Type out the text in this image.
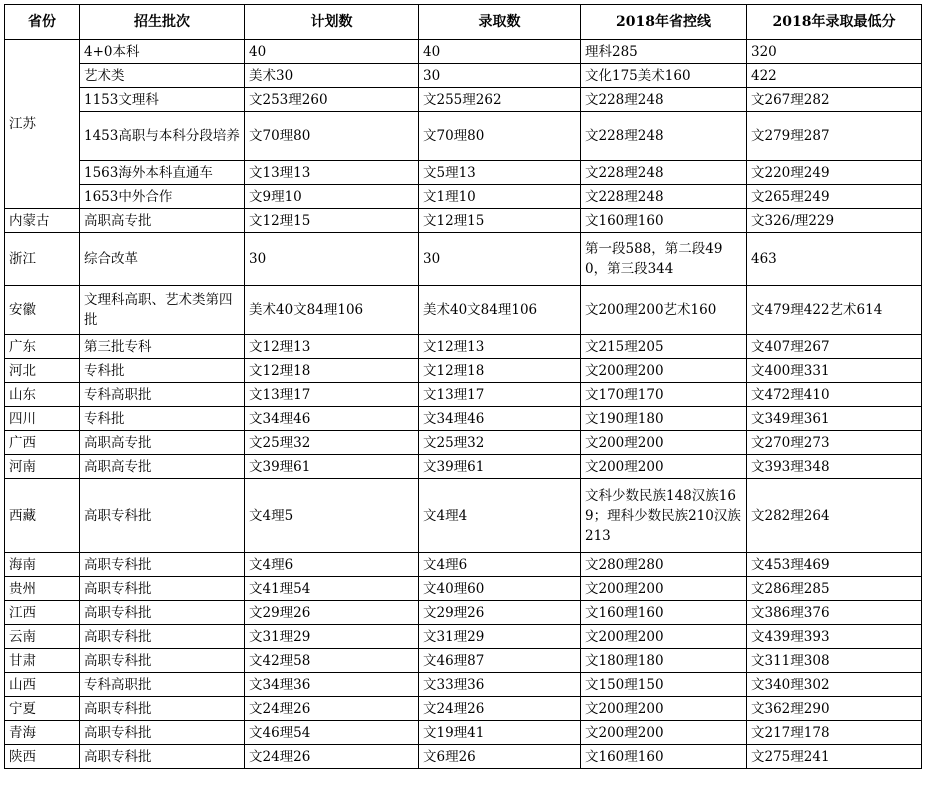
省份	招生批次	计划数	录取数	2018年省控线	2018年录取最低分
江苏	4+0本科	40	40	理科285	320
	艺术类	美术30	30	文化175美术160	422
	1153文理科	文253理260	文255理262	文228理248	文267理282
	1453高职与本科分段培养	文70理80	文70理80	文228理248	文279理287
	1563海外本科直通车	文13理13	文5理13	文228理248	文220理249
	1653中外合作	文9理10	文1理10	文228理248	文265理249
内蒙古	高职高专批	文12理15	文12理15	文160理160	文326/理229
浙江	综合改革	30	30	第一段588，第二段490，第三段344	463
安徽	文理科高职、艺术类第四批	美术40文84理106	美术40文84理106	文200理200艺术160	文479理422艺术614
广东	第三批专科	文12理13	文12理13	文215理205	文407理267
河北	专科批	文12理18	文12理18	文200理200	文400理331
山东	专科高职批	文13理17	文13理17	文170理170	文472理410
四川	专科批	文34理46	文34理46	文190理180	文349理361
广西	高职高专批	文25理32	文25理32	文200理200	文270理273
河南	高职高专批	文39理61	文39理61	文200理200	文393理348
西藏	高职专科批	文4理5	文4理4	文科少数民族148汉族169；理科少数民族210汉族213	文282理264
海南	高职专科批	文4理6	文4理6	文280理280	文453理469
贵州	高职专科批	文41理54	文40理60	文200理200	文286理285
江西	高职专科批	文29理26	文29理26	文160理160	文386理376
云南	高职专科批	文31理29	文31理29	文200理200	文439理393
甘肃	高职专科批	文42理58	文46理87	文180理180	文311理308
山西	专科高职批	文34理36	文33理36	文150理150	文340理302
宁夏	高职专科批	文24理26	文24理26	文200理200	文362理290
青海	高职专科批	文46理54	文19理41	文200理200	文217理178
陕西	高职专科批	文24理26	文6理26	文160理160	文275理241
